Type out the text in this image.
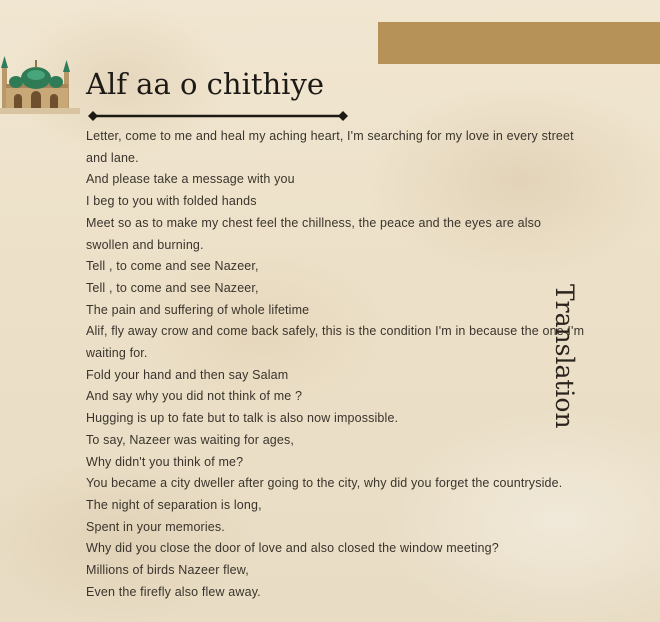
Alf aa o chithiye
Letter, come to me and heal my aching heart, I'm searching for my love in every street and lane.
And please take a message with you
I beg to you with folded hands
Meet so as to make my chest feel the chillness, the peace and the eyes are also swollen and burning.
Tell , to come and see Nazeer,
Tell , to come and see Nazeer,
The pain and suffering of whole lifetime
Alif, fly away crow and come back safely, this is the condition I'm in because the one I'm waiting for.
Fold your hand and then say Salam
And say why you did not think of me ?
Hugging is up to fate but to talk is also now impossible.
To say, Nazeer was waiting for ages,
Why didn't you think of me?
You became a city dweller after going to the city, why did you forget the countryside.
The night of separation is long,
Spent in your memories.
Why did you close the door of love and also closed the window meeting?
Millions of birds Nazeer flew,
Even the firefly also flew away.
Translation
